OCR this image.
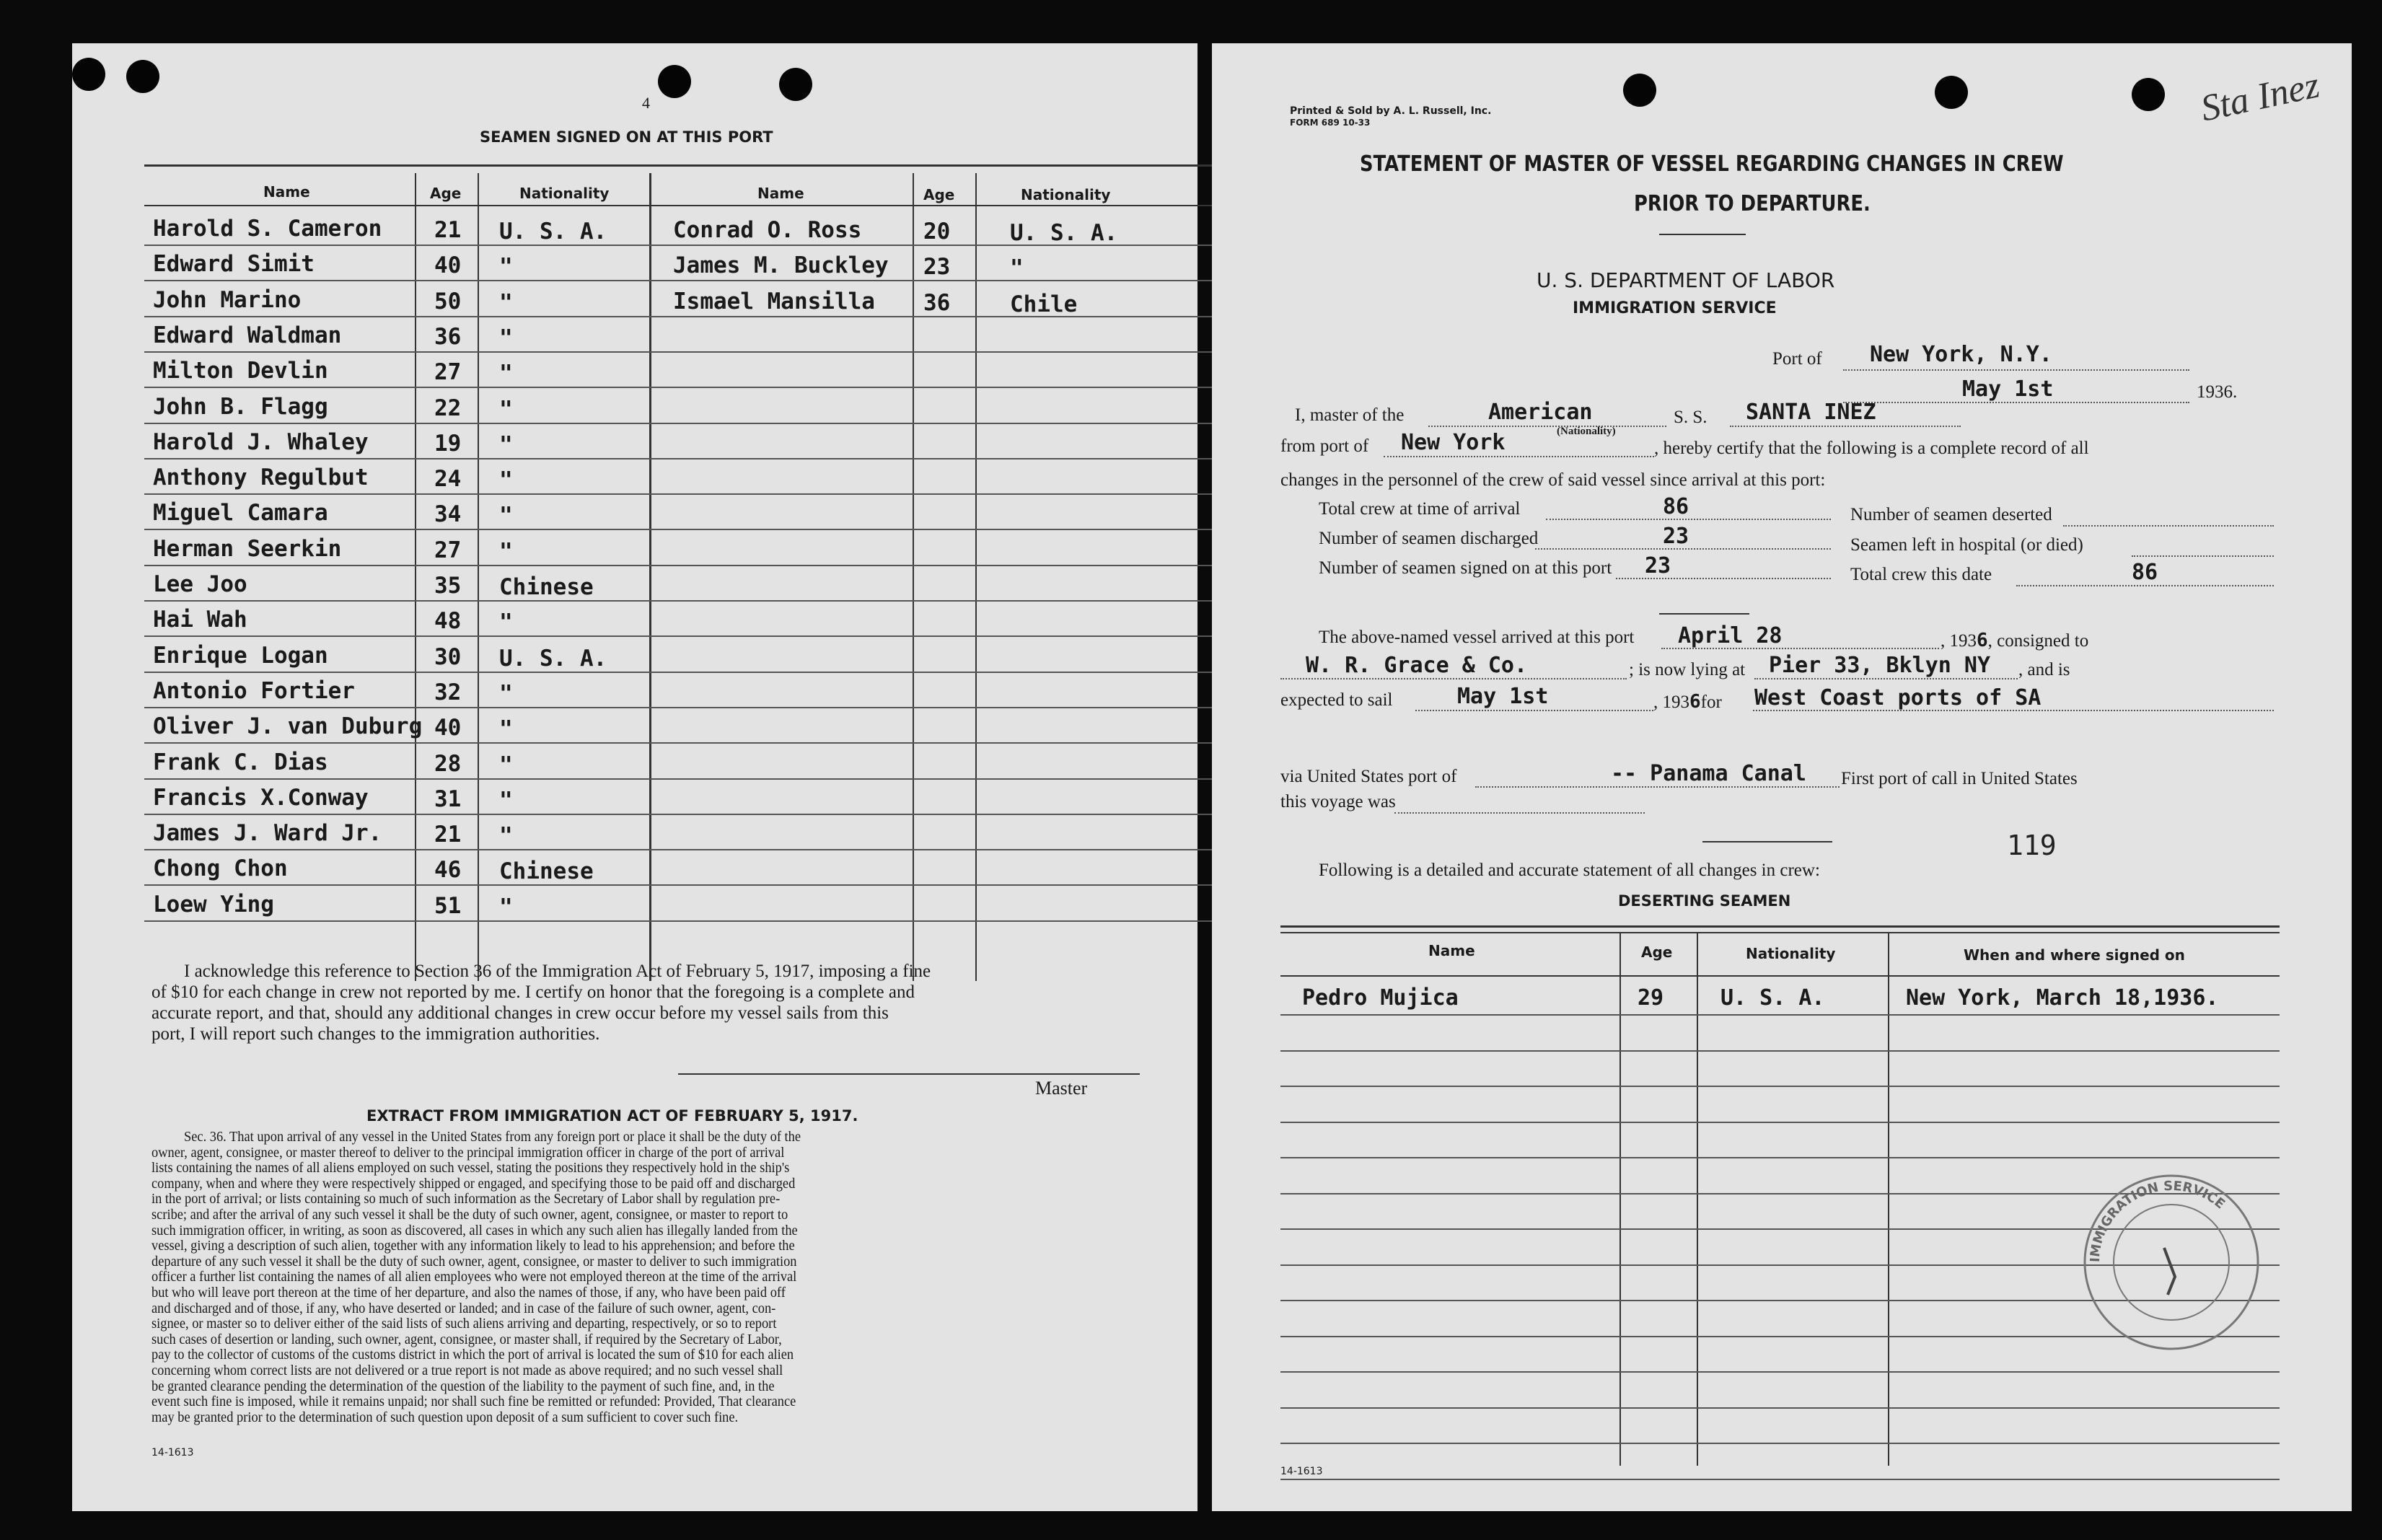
4
SEAMEN SIGNED ON AT THIS PORT
Name	Age	Nationality	Name	Age	Nationality
Harold S. Cameron 21 U. S. A.	Conrad O. Ross	20	U. S. A.
Edward Simit	40 "	James M. Buckley 23	"
John Marino	50 "	Ismael Mansilla 36	Chile
Edward Waldman	36 "
Milton Devlin	27 "
John B. Flagg	22 "
Harold J. Whaley	19 "
Anthony Regulbut	24 "
Miguel Camara	34 "
Herman Seerkin	27 "
Lee Joo	35 Chinese
Hai Wah	48 "
Enrique Logan	30 U. S. A.
Antonio Fortier	32 "
Oliver J. van Duburg 40 "
Frank C. Dias	28 "
Francis X.Conway	31 "
James J. Ward Jr. 21 "
Chong Chon	46 Chinese
Loew Ying	51 "
I acknowledge this reference to Section 36 of the Immigration Act of February 5, 1917, imposing a fine
of $10 for each change in crew not reported by me. I certify on honor that the foregoing is a complete and
accurate report, and that, should any additional changes in crew occur before my vessel sails from this
port, I will report such changes to the immigration authorities.
Master
EXTRACT FROM IMMIGRATION ACT OF FEBRUARY 5, 1917.
Sec. 36. That upon arrival of any vessel in the United States from any foreign port or place it shall be the duty of the
owner, agent, consignee, or master thereof to deliver to the principal immigration officer in charge of the port of arrival
lists containing the names of all aliens employed on such vessel, stating the positions they respectively hold in the ship's
company, when and where they were respectively shipped or engaged, and specifying those to be paid off and discharged
in the port of arrival; or lists containing so much of such information as the Secretary of Labor shall by regulation pre-
scribe; and after the arrival of any such vessel it shall be the duty of such owner, agent, consignee, or master to report to
such immigration officer, in writing, as soon as discovered, all cases in which any such alien has illegally landed from the
vessel, giving a description of such alien, together with any information likely to lead to his apprehension; and before the
departure of any such vessel it shall be the duty of such owner, agent, consignee, or master to deliver to such immigration
officer a further list containing the names of all alien employees who were not employed thereon at the time of the arrival
but who will leave port thereon at the time of her departure, and also the names of those, if any, who have been paid off
and discharged and of those, if any, who have deserted or landed; and in case of the failure of such owner, agent, con-
signee, or master so to deliver either of the said lists of such aliens arriving and departing, respectively, or so to report
such cases of desertion or landing, such owner, agent, consignee, or master shall, if required by the Secretary of Labor,
pay to the collector of customs of the customs district in which the port of arrival is located the sum of $10 for each alien
concerning whom correct lists are not delivered or a true report is not made as above required; and no such vessel shall
be granted clearance pending the determination of the question of the liability to the payment of such fine, and, in the
event such fine is imposed, while it remains unpaid; nor shall such fine be remitted or refunded: Provided, That clearance
may be granted prior to the determination of such question upon deposit of a sum sufficient to cover such fine.
14-1613
Printed & Sold by A. L. Russell, Inc.
FORM 689 10-33	Sta Inez
STATEMENT OF MASTER OF VESSEL REGARDING CHANGES IN CREW
PRIOR TO DEPARTURE.
U. S. DEPARTMENT OF LABOR
IMMIGRATION SERVICE
Port of New York, N.Y.
May 1st	1936.
I, master of the	American	S. S. SANTA INEZ
from port of New York	(Nationality)
, hereby certify that the following is a complete record of all
changes in the personnel of the crew of said vessel since arrival at this port:
Total crew at time of arrival	86
Number of seamen discharged	23
Number of seamen signed on at this port 23
Number of seamen deserted
Seamen left in hospital (or died)
Total crew this date	86
The above-named vessel arrived at this port April 28	, 1936, consigned to
W. R. Grace & Co.	; is now lying at Pier 33, Bklyn NY , and is
expected to sail	May 1st	, 1936for West Coast ports of SA
via United States port of	-- Panama Canal First port of call in United States
this voyage was
119
Following is a detailed and accurate statement of all changes in crew:
DESERTING SEAMEN
Name	Age	Nationality	When and where signed on
Pedro Mujica	29	U. S. A.	New York, March 18,1936.
IMMIGRATION SERVICE
14-1613
